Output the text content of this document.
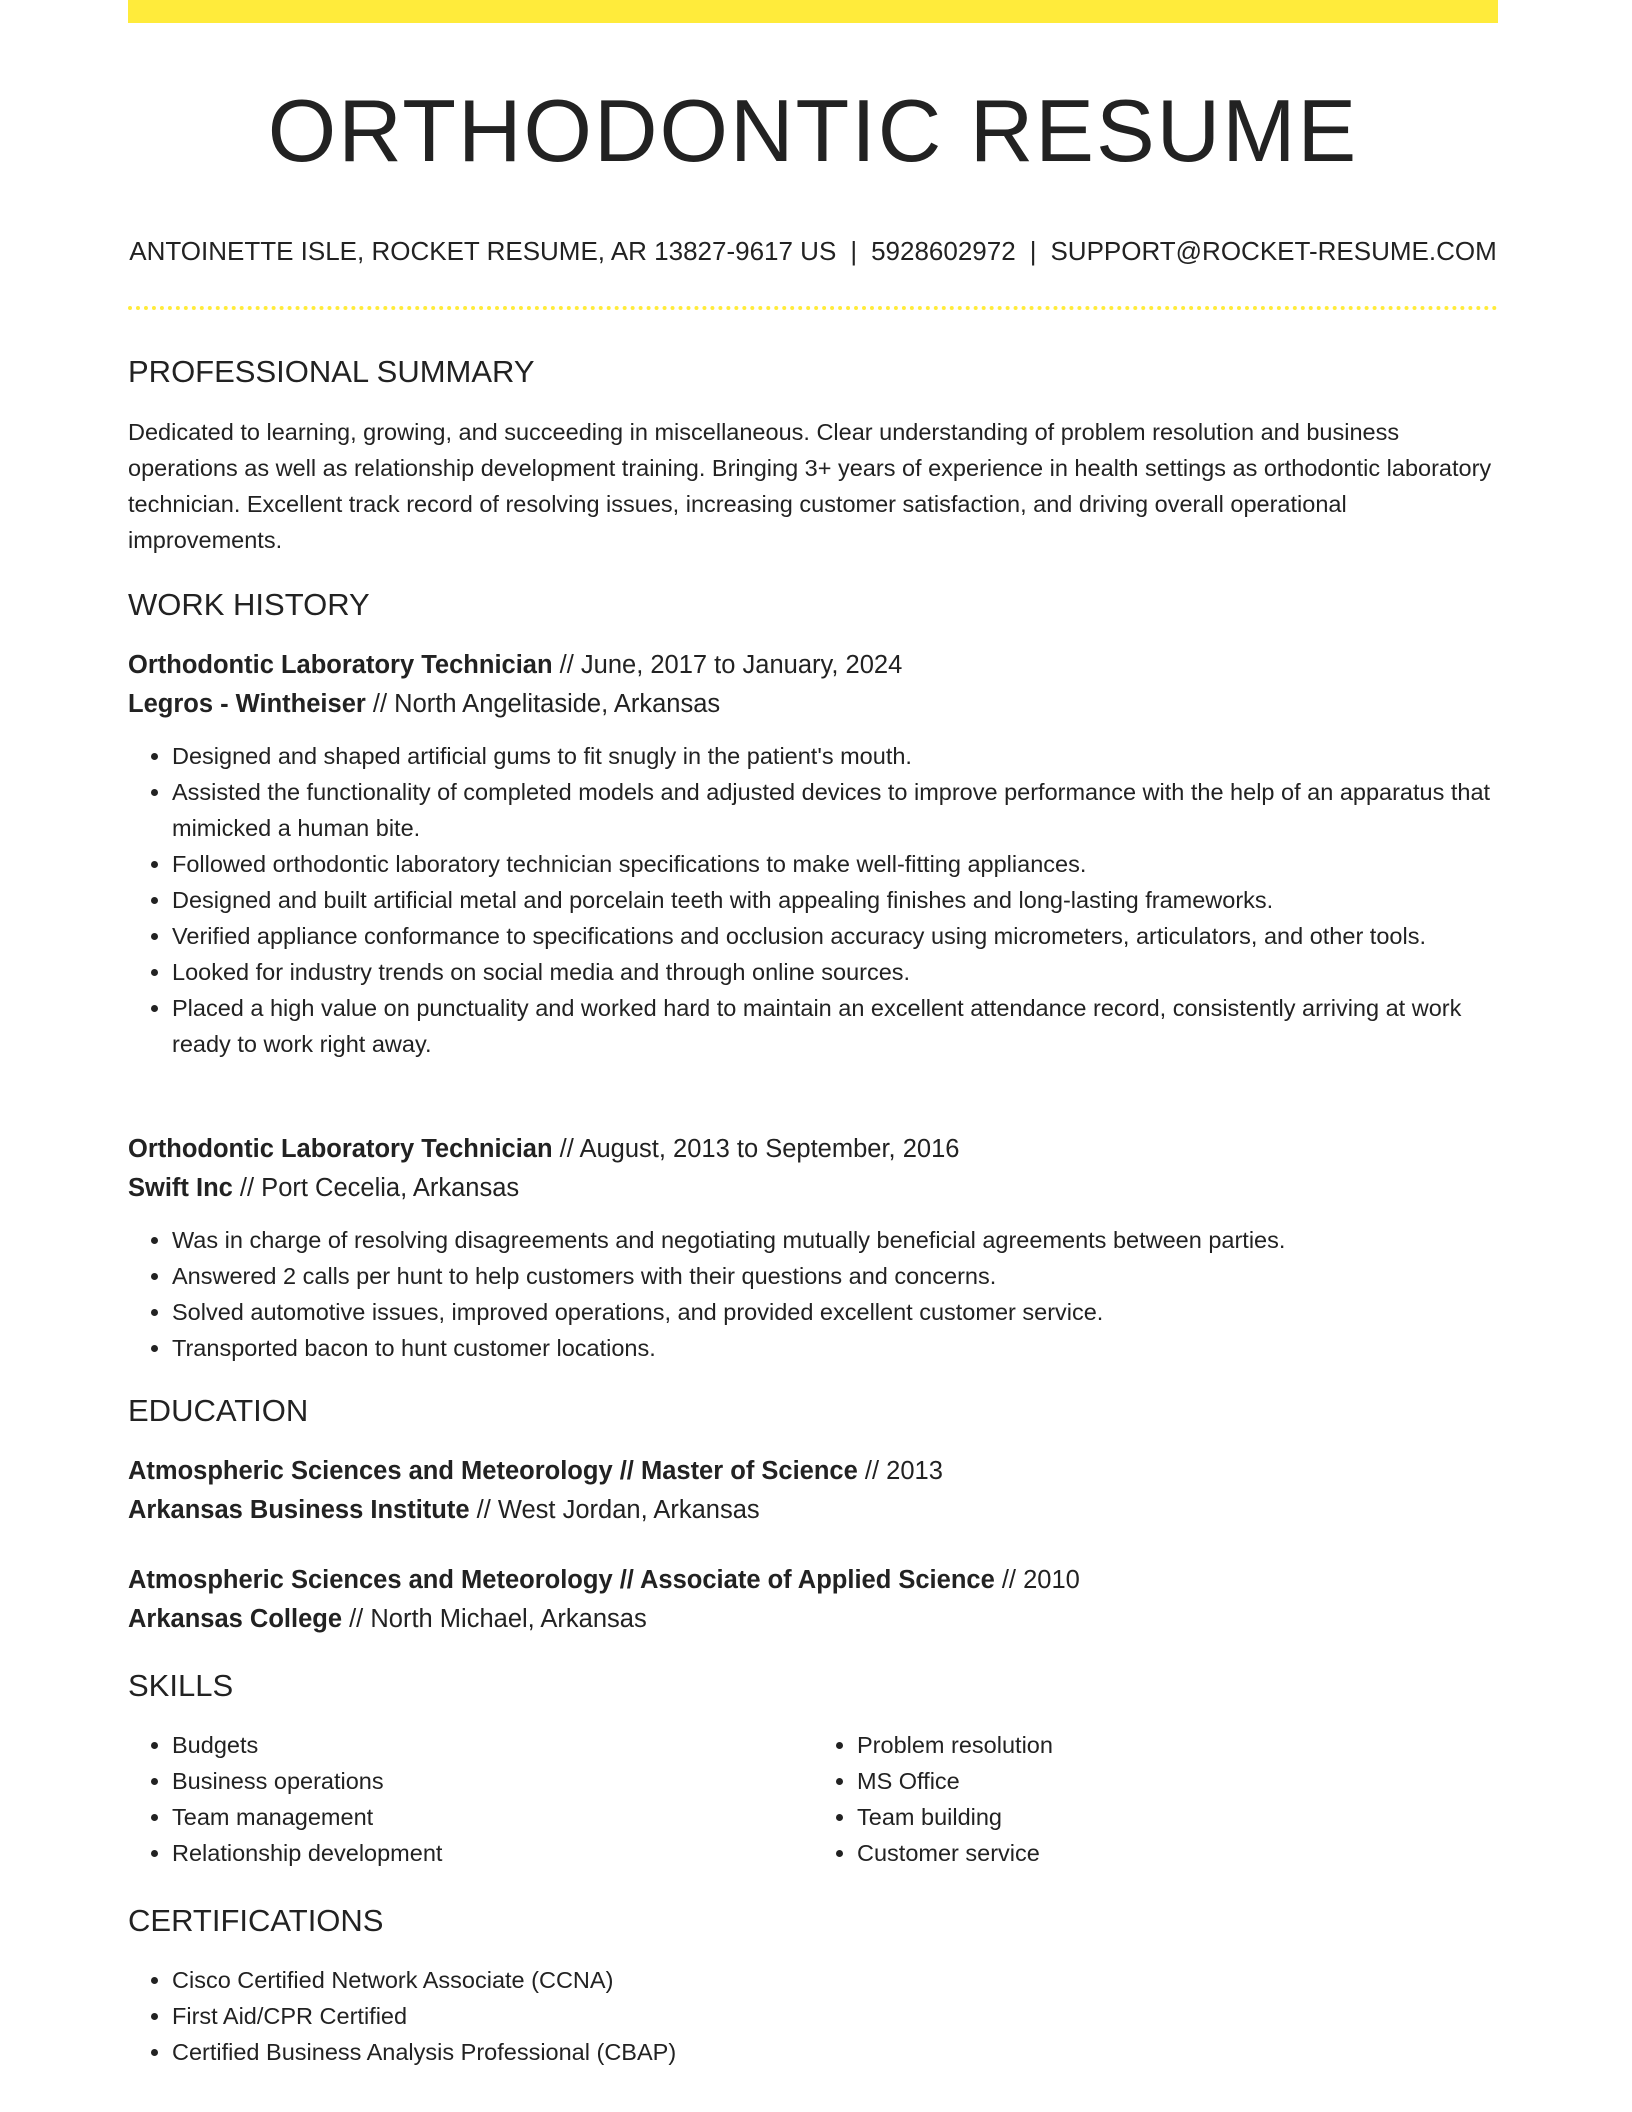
ORTHODONTIC RESUME
ANTOINETTE ISLE, ROCKET RESUME, AR 13827-9617 US | 5928602972 | SUPPORT@ROCKET-RESUME.COM
PROFESSIONAL SUMMARY

Dedicated to learning, growing, and succeeding in miscellaneous. Clear understanding of problem resolution and business operations as well as relationship development training. Bringing 3+ years of experience in health settings as orthodontic laboratory technician. Excellent track record of resolving issues, increasing customer satisfaction, and driving overall operational improvements.

WORK HISTORY

Orthodontic Laboratory Technician // June, 2017 to January, 2024

Legros - Wintheiser // North Angelitaside, Arkansas

• Designed and shaped artificial gums to fit snugly in the patient's mouth.
• Assisted the functionality of completed models and adjusted devices to improve performance with the help of an apparatus that mimicked a human bite.
• Followed orthodontic laboratory technician specifications to make well-fitting appliances.
• Designed and built artificial metal and porcelain teeth with appealing finishes and long-lasting frameworks.
• Verified appliance conformance to specifications and occlusion accuracy using micrometers, articulators, and other tools.
• Looked for industry trends on social media and through online sources.
• Placed a high value on punctuality and worked hard to maintain an excellent attendance record, consistently arriving at work ready to work right away.

Orthodontic Laboratory Technician // August, 2013 to September, 2016

Swift Inc // Port Cecelia, Arkansas

• Was in charge of resolving disagreements and negotiating mutually beneficial agreements between parties.
• Answered 2 calls per hunt to help customers with their questions and concerns.
• Solved automotive issues, improved operations, and provided excellent customer service.
• Transported bacon to hunt customer locations.
EDUCATION

Atmospheric Sciences and Meteorology // Master of Science // 2013

Arkansas Business Institute // West Jordan, Arkansas

Atmospheric Sciences and Meteorology // Associate of Applied Science // 2010

Arkansas College // North Michael, Arkansas

SKILLS
• Budgets
• Business operations
• Team management
• Relationship development
• Problem resolution
• MS Office
• Team building
• Customer service
CERTIFICATIONS
• Cisco Certified Network Associate (CCNA)
• First Aid/CPR Certified
• Certified Business Analysis Professional (CBAP)
